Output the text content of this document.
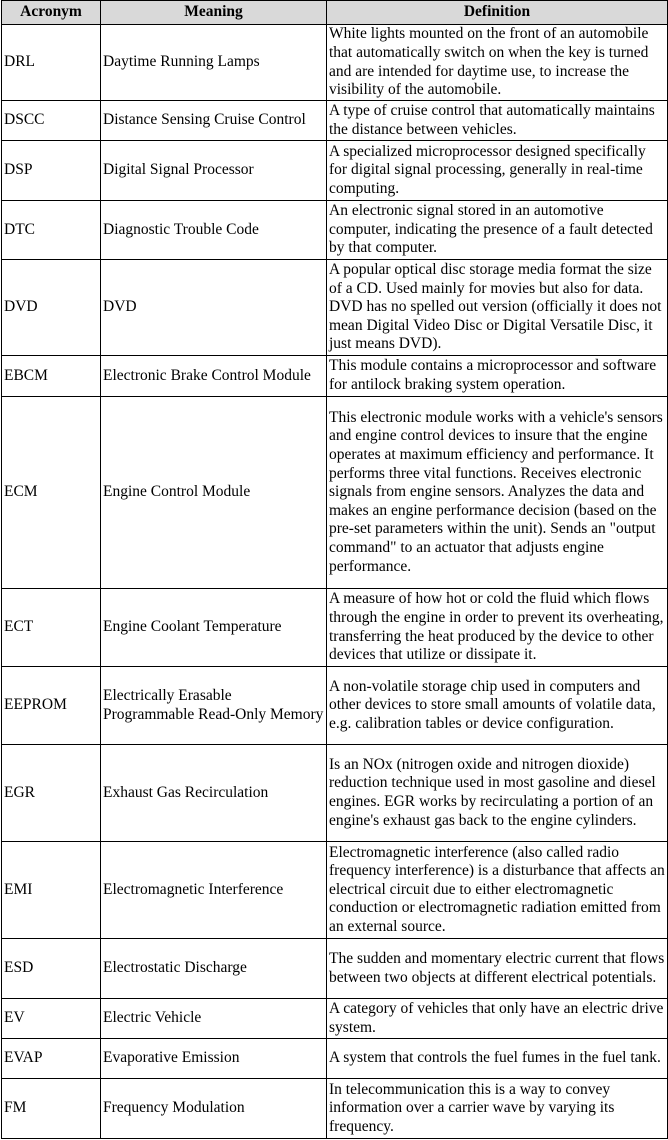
Acronym	Meaning	Definition
DRL	Daytime Running Lamps	White lights mounted on the front of an automobile that automatically switch on when the key is turned and are intended for daytime use, to increase the visibility of the automobile.
DSCC	Distance Sensing Cruise Control	A type of cruise control that automatically maintains the distance between vehicles.
DSP	Digital Signal Processor	A specialized microprocessor designed specifically for digital signal processing, generally in real-time computing.
DTC	Diagnostic Trouble Code	An electronic signal stored in an automotive computer, indicating the presence of a fault detected by that computer.
DVD	DVD	A popular optical disc storage media format the size of a CD. Used mainly for movies but also for data. DVD has no spelled out version (officially it does not mean Digital Video Disc or Digital Versatile Disc, it just means DVD).
EBCM	Electronic Brake Control Module	This module contains a microprocessor and software for antilock braking system operation.
ECM	Engine Control Module	This electronic module works with a vehicle's sensors and engine control devices to insure that the engine operates at maximum efficiency and performance. It performs three vital functions. Receives electronic signals from engine sensors. Analyzes the data and makes an engine performance decision (based on the pre-set parameters within the unit). Sends an "output command" to an actuator that adjusts engine performance.
ECT	Engine Coolant Temperature	A measure of how hot or cold the fluid which flows through the engine in order to prevent its overheating, transferring the heat produced by the device to other devices that utilize or dissipate it.
EEPROM	Electrically Erasable Programmable Read-Only Memory	A non-volatile storage chip used in computers and other devices to store small amounts of volatile data, e.g. calibration tables or device configuration.
EGR	Exhaust Gas Recirculation	Is an NOx (nitrogen oxide and nitrogen dioxide) reduction technique used in most gasoline and diesel engines. EGR works by recirculating a portion of an engine's exhaust gas back to the engine cylinders.
EMI	Electromagnetic Interference	Electromagnetic interference (also called radio frequency interference) is a disturbance that affects an electrical circuit due to either electromagnetic conduction or electromagnetic radiation emitted from an external source.
ESD	Electrostatic Discharge	The sudden and momentary electric current that flows between two objects at different electrical potentials.
EV	Electric Vehicle	A category of vehicles that only have an electric drive system.
EVAP	Evaporative Emission	A system that controls the fuel fumes in the fuel tank.
FM	Frequency Modulation	In telecommunication this is a way to convey information over a carrier wave by varying its frequency.
